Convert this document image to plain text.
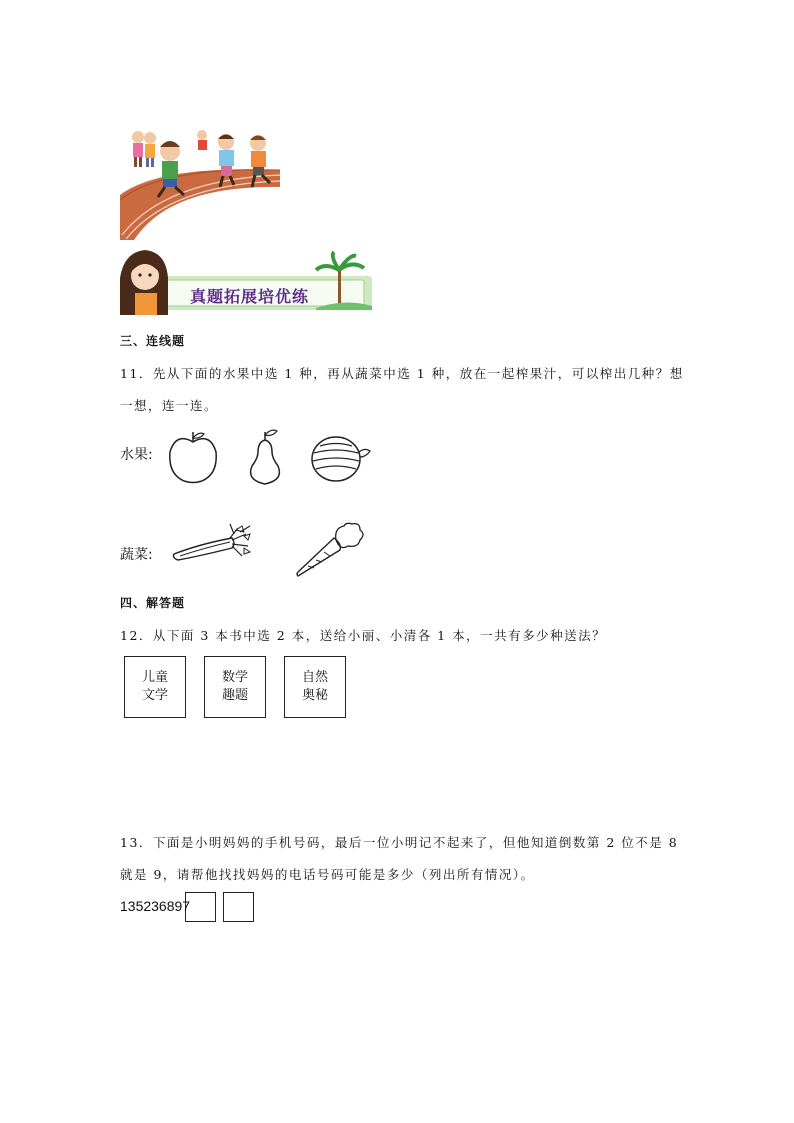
真题拓展培优练
三、连线题
11．先从下面的水果中选 1 种，再从蔬菜中选 1 种，放在一起榨果汁，可以榨出几种？想
一想，连一连。
水果:
蔬菜:
四、解答题
12．从下面 3 本书中选 2 本，送给小丽、小清各 1 本，一共有多少种送法？
儿童
文学
数学
趣题
自然
奥秘
13．下面是小明妈妈的手机号码，最后一位小明记不起来了，但他知道倒数第 2 位不是 8
就是 9，请帮他找找妈妈的电话号码可能是多少（列出所有情况）。
135236897
